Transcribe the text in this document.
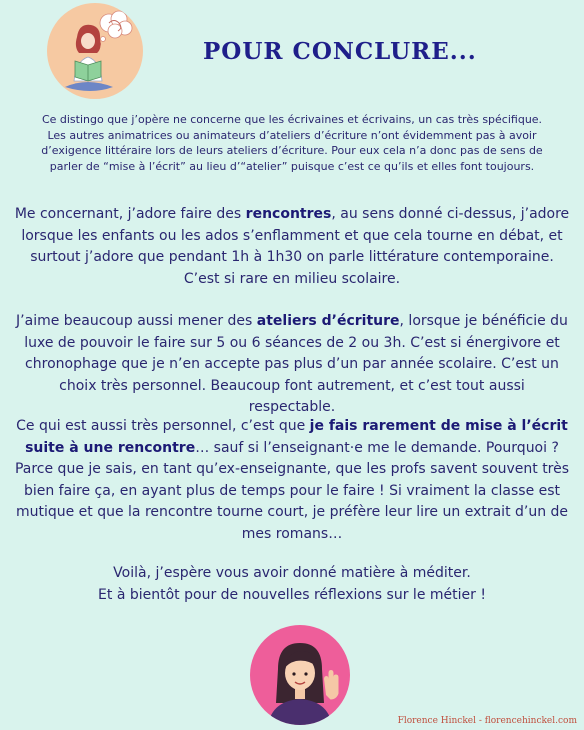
POUR CONCLURE...

Ce distingo que j’opère ne concerne que les écrivaines et écrivains, un cas très spécifique. Les autres animatrices ou animateurs d’ateliers d’écriture n’ont évidemment pas à avoir d’exigence littéraire lors de leurs ateliers d’écriture. Pour eux cela n’a donc pas de sens de parler de “mise à l’écrit” au lieu d’“atelier” puisque c’est ce qu’ils et elles font toujours.

Me concernant, j’adore faire des rencontres, au sens donné ci-dessus, j’adore lorsque les enfants ou les ados s’enflamment et que cela tourne en débat, et surtout j’adore que pendant 1h à 1h30 on parle littérature contemporaine. C’est si rare en milieu scolaire.

J’aime beaucoup aussi mener des ateliers d’écriture, lorsque je bénéficie du luxe de pouvoir le faire sur 5 ou 6 séances de 2 ou 3h. C’est si énergivore et chronophage que je n’en accepte pas plus d’un par année scolaire. C’est un choix très personnel. Beaucoup font autrement, et c’est tout aussi respectable.

Ce qui est aussi très personnel, c’est que je fais rarement de mise à l’écrit suite à une rencontre… sauf si l’enseignant·e me le demande. Pourquoi ? Parce que je sais, en tant qu’ex-enseignante, que les profs savent souvent très bien faire ça, en ayant plus de temps pour le faire ! Si vraiment la classe est mutique et que la rencontre tourne court, je préfère leur lire un extrait d’un de mes romans…

Voilà, j’espère vous avoir donné matière à méditer.
Et à bientôt pour de nouvelles réflexions sur le métier !
Florence Hinckel - florencehinckel.com
